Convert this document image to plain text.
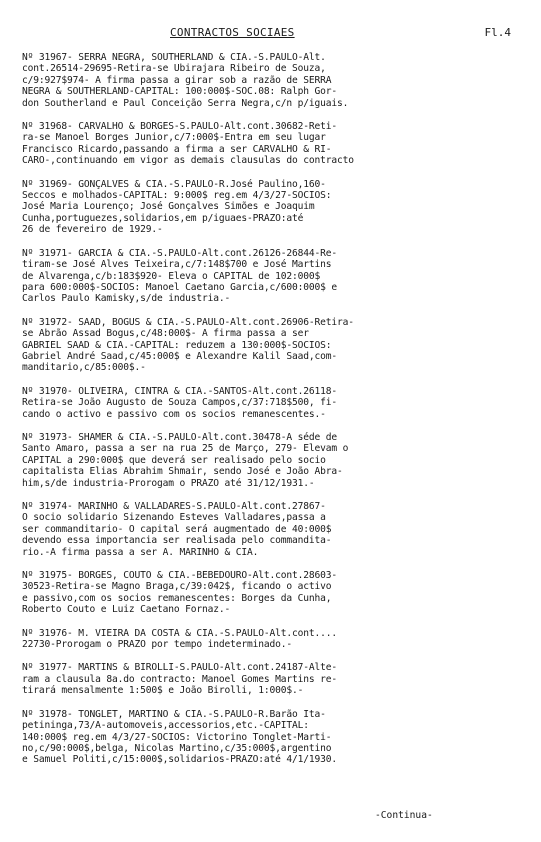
CONTRACTOS SOCIAES	Fl.4
Nº 31967- SERRA NEGRA, SOUTHERLAND & CIA.-S.PAULO-Alt.
cont.26514-29695-Retira-se Ubirajara Ribeiro de Souza,
c/9:927$974- A firma passa a girar sob a razão de SERRA
NEGRA & SOUTHERLAND-CAPITAL: 100:000$-SOC.08: Ralph Gor-
don Southerland e Paul Conceição Serra Negra,c/n p/iguais.
Nº 31968- CARVALHO & BORGES-S.PAULO-Alt.cont.30682-Reti-
ra-se Manoel Borges Junior,c/7:000$-Entra em seu lugar
Francisco Ricardo,passando a firma a ser CARVALHO & RI-
CARO-,continuando em vigor as demais clausulas do contracto
Nº 31969- GONÇALVES & CIA.-S.PAULO-R.José Paulino,160-
Seccos e molhados-CAPITAL: 9:000$ reg.em 4/3/27-SOCIOS:
José Maria Lourenço; José Gonçalves Simões e Joaquim
Cunha,portuguezes,solidarios,em p/iguaes-PRAZO:até
26 de fevereiro de 1929.-
Nº 31971- GARCIA & CIA.-S.PAULO-Alt.cont.26126-26844-Re-
tiram-se José Alves Teixeira,c/7:148$700 e José Martins
de Alvarenga,c/b:183$920- Eleva o CAPITAL de 102:000$
para 600:000$-SOCIOS: Manoel Caetano Garcia,c/600:000$ e
Carlos Paulo Kamisky,s/de industria.-
Nº 31972- SAAD, BOGUS & CIA.-S.PAULO-Alt.cont.26906-Retira-
se Abrão Assad Bogus,c/48:000$- A firma passa a ser
GABRIEL SAAD & CIA.-CAPITAL: reduzem a 130:000$-SOCIOS:
Gabriel André Saad,c/45:000$ e Alexandre Kalil Saad,com-
manditario,c/85:000$.-
Nº 31970- OLIVEIRA, CINTRA & CIA.-SANTOS-Alt.cont.26118-
Retira-se João Augusto de Souza Campos,c/37:718$500, fi-
cando o activo e passivo com os socios remanescentes.-
Nº 31973- SHAMER & CIA.-S.PAULO-Alt.cont.30478-A séde de
Santo Amaro, passa a ser na rua 25 de Março, 279- Elevam o
CAPITAL a 290:000$ que deverá ser realisado pelo socio
capitalista Elias Abrahim Shmair, sendo José e João Abra-
him,s/de industria-Prorogam o PRAZO até 31/12/1931.-
Nº 31974- MARINHO & VALLADARES-S.PAULO-Alt.cont.27867-
O socio solidario Sizenando Esteves Valladares,passa a
ser commanditario- O capital será augmentado de 40:000$
devendo essa importancia ser realisada pelo commandita-
rio.-A firma passa a ser A. MARINHO & CIA.
Nº 31975- BORGES, COUTO & CIA.-BEBEDOURO-Alt.cont.28603-
30523-Retira-se Magno Braga,c/39:042$, ficando o activo
e passivo,com os socios remanescentes: Borges da Cunha,
Roberto Couto e Luiz Caetano Fornaz.-
Nº 31976- M. VIEIRA DA COSTA & CIA.-S.PAULO-Alt.cont....
22730-Prorogam o PRAZO por tempo indeterminado.-
Nº 31977- MARTINS & BIROLLI-S.PAULO-Alt.cont.24187-Alte-
ram a clausula 8a.do contracto: Manoel Gomes Martins re-
tirará mensalmente 1:500$ e João Birolli, 1:000$.-
Nº 31978- TONGLET, MARTINO & CIA.-S.PAULO-R.Barão Ita-
petininga,73/A-automoveis,accessorios,etc.-CAPITAL:
140:000$ reg.em 4/3/27-SOCIOS: Victorino Tonglet-Marti-
no,c/90:000$,belga, Nicolas Martino,c/35:000$,argentino
e Samuel Politi,c/15:000$,solidarios-PRAZO:até 4/1/1930.
-Continua-
